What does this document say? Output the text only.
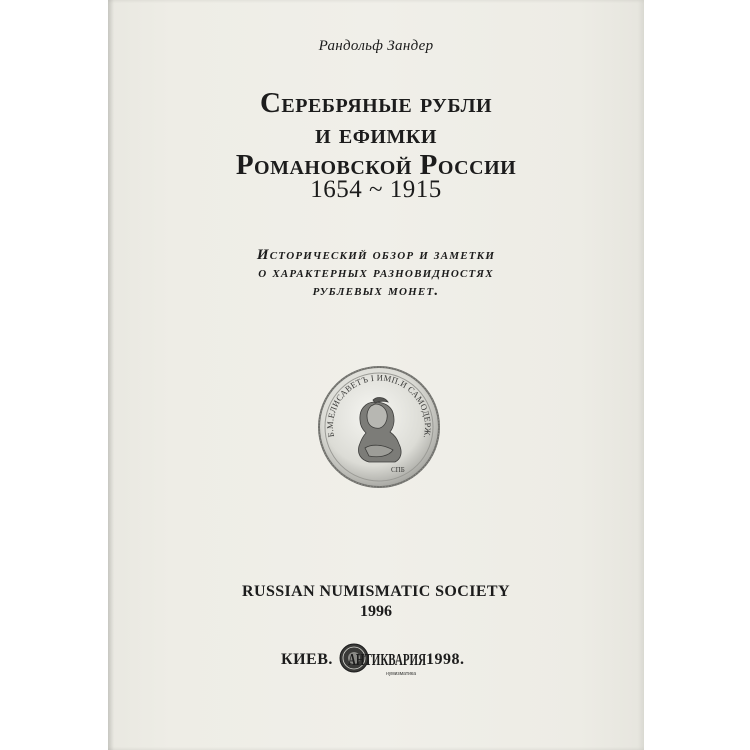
Рандольф Зандер
Серебряные рубли
и ефимки
Романовской России
1654 ~ 1915
Исторический обзор и заметки
о характерных разновидностях
рублевых монет.
Б.М.ЕЛИСАВЕТЪ I ИМП.И САМОДЕРЖ.
СПБ
RUSSIAN NUMISMATIC SOCIETY
1996
КИЕВ. АНТИКВАРИЯ
нумизматика
1998.
